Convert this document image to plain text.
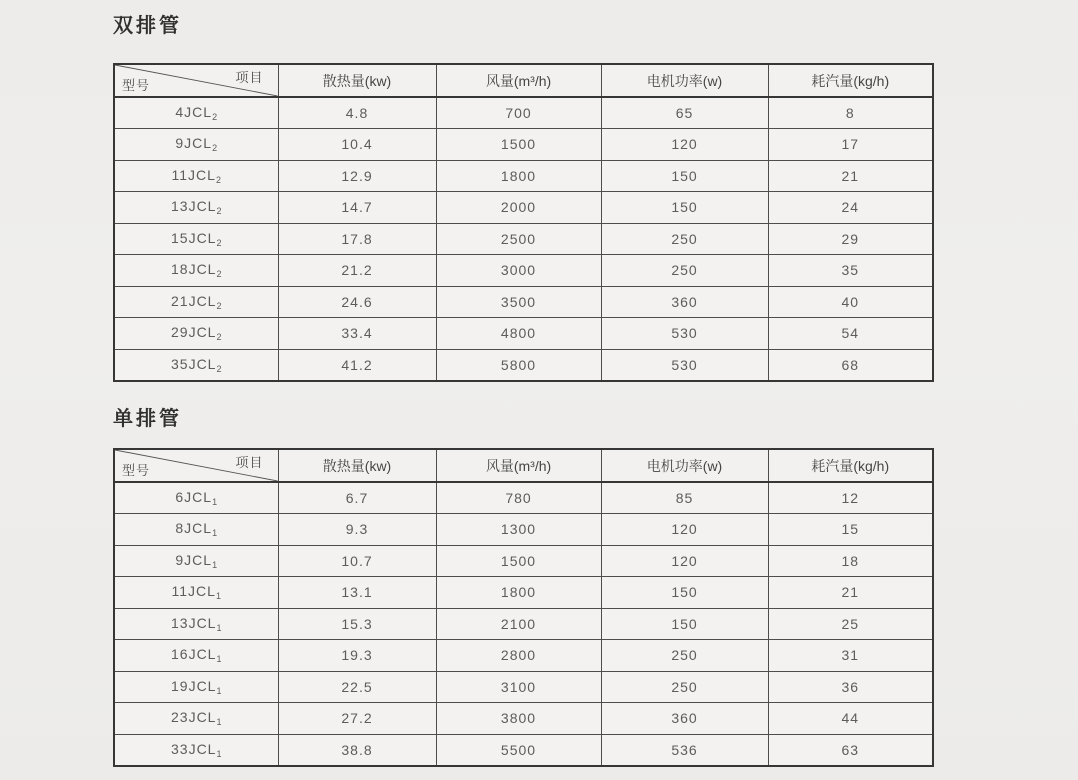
双排管
项目
型号	散热量(kw)	风量(m³/h)	电机功率(w)	耗汽量(kg/h)
$4JCL_2$	4.8	700	65	8
$9JCL_2$	10.4	1500	120	17
$11JCL_2$	12.9	1800	150	21
$13JCL_2$	14.7	2000	150	24
$15JCL_2$	17.8	2500	250	29
$18JCL_2$	21.2	3000	250	35
$21JCL_2$	24.6	3500	360	40
$29JCL_2$	33.4	4800	530	54
$35JCL_2$	41.2	5800	530	68
单排管
项目
型号	散热量(kw)	风量(m³/h)	电机功率(w)	耗汽量(kg/h)
$6JCL_1$	6.7	780	85	12
$8JCL_1$	9.3	1300	120	15
$9JCL_1$	10.7	1500	120	18
$11JCL_1$	13.1	1800	150	21
$13JCL_1$	15.3	2100	150	25
$16JCL_1$	19.3	2800	250	31
$19JCL_1$	22.5	3100	250	36
$23JCL_1$	27.2	3800	360	44
$33JCL_1$	38.8	5500	536	63
